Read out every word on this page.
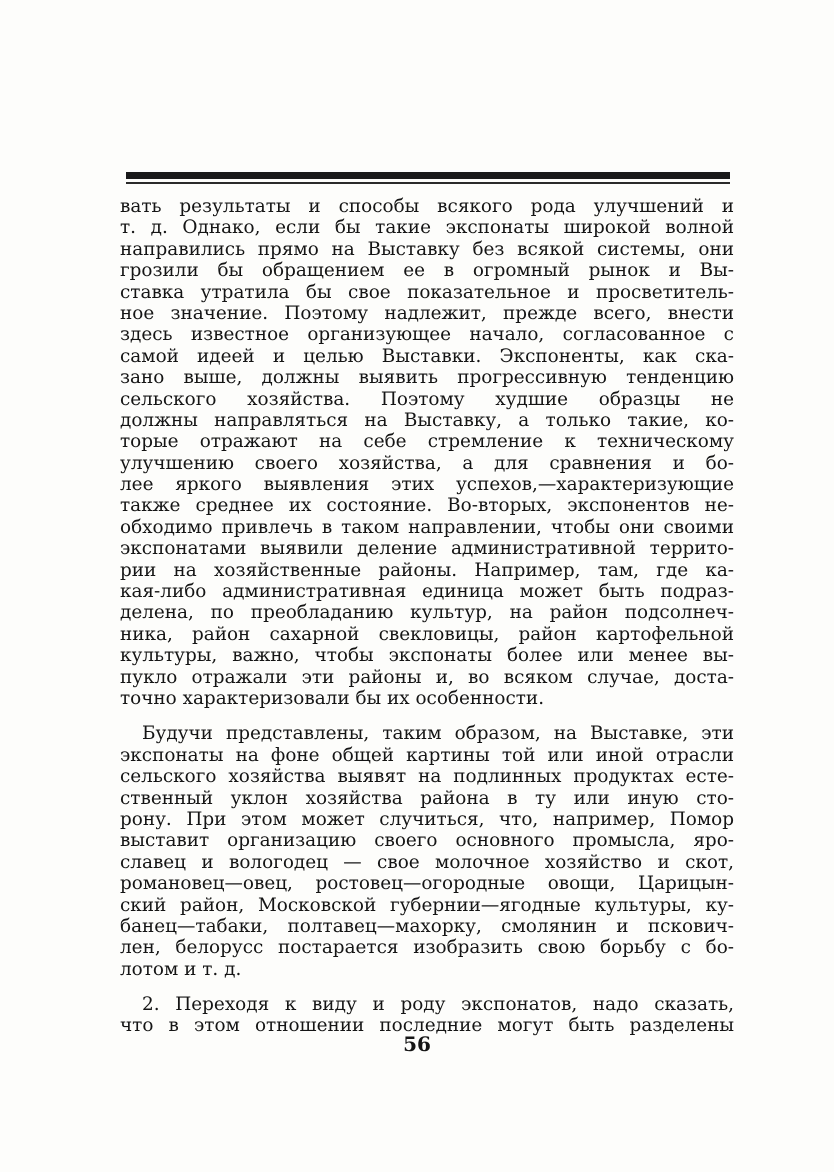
вать результаты и способы всякого рода улучшений и
т. д. Однако, если бы такие экспонаты широкой волной
направились прямо на Выставку без всякой системы, они
грозили бы обращением ее в огромный рынок и Вы-
ставка утратила бы свое показательное и просветитель-
ное значение. Поэтому надлежит, прежде всего, внести
здесь известное организующее начало, согласованное с
самой идеей и целью Выставки. Экспоненты, как ска-
зано выше, должны выявить прогрессивную тенденцию
сельского хозяйства. Поэтому худшие образцы не
должны направляться на Выставку, а только такие, ко-
торые отражают на себе стремление к техническому
улучшению своего хозяйства, а для сравнения и бо-
лее яркого выявления этих успехов,—характеризующие
также среднее их состояние. Во-вторых, экспонентов не-
обходимо привлечь в таком направлении, чтобы они своими
экспонатами выявили деление административной террито-
рии на хозяйственные районы. Например, там, где ка-
кая-либо административная единица может быть подраз-
делена, по преобладанию культур, на район подсолнеч-
ника, район сахарной свекловицы, район картофельной
культуры, важно, чтобы экспонаты более или менее вы-
пукло отражали эти районы и, во всяком случае, доста-
точно характеризовали бы их особенности.

Будучи представлены, таким образом, на Выставке, эти
экспонаты на фоне общей картины той или иной отрасли
сельского хозяйства выявят на подлинных продуктах есте-
ственный уклон хозяйства района в ту или иную сто-
рону. При этом может случиться, что, например, Помор
выставит организацию своего основного промысла, яро-
славец и вологодец — свое молочное хозяйство и скот,
романовец—овец, ростовец—огородные овощи, Царицын-
ский район, Московской губернии—ягодные культуры, ку-
банец—табаки, полтавец—махорку, смолянин и пскович-
лен, белорусс постарается изобразить свою борьбу с бо-
лотом и т. д.

2. Переходя к виду и роду экспонатов, надо сказать,
что в этом отношении последние могут быть разделены

56
